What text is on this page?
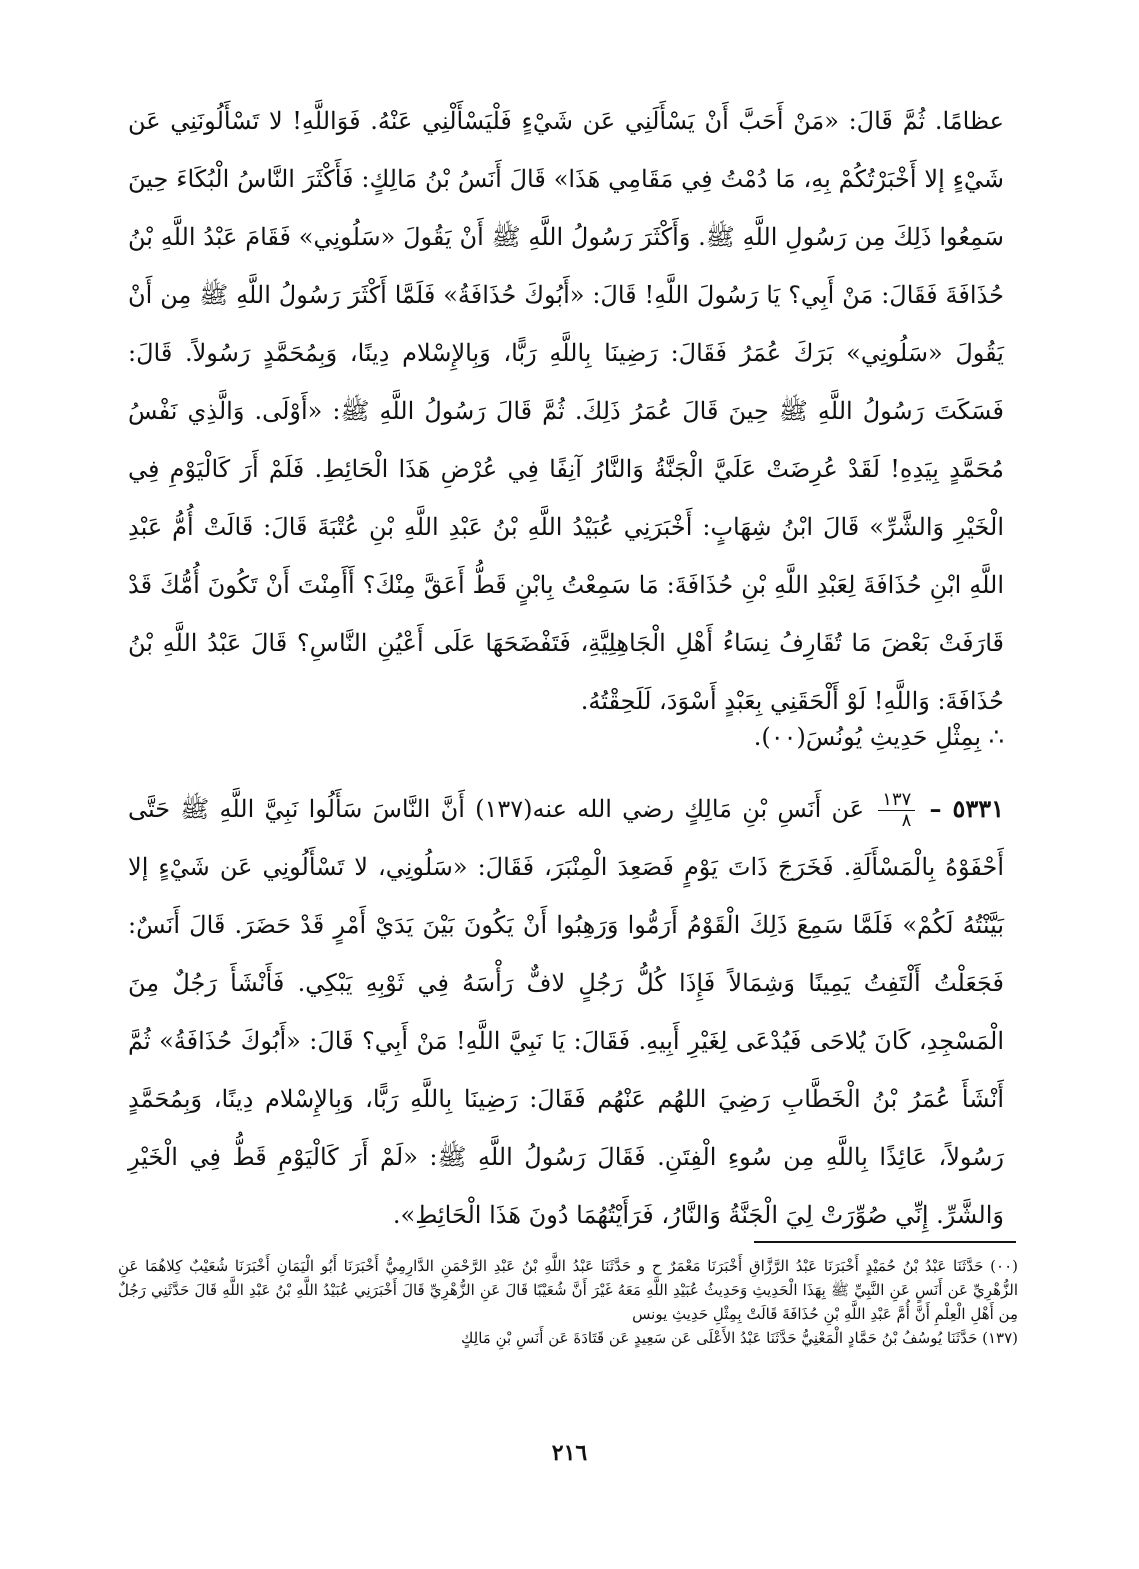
عظامًا. ثُمَّ قَالَ: «مَنْ أَحَبَّ أَنْ يَسْأَلَنِي عَن شَيْءٍ فَلْيَسْأَلْنِي عَنْهُ. فَوَاللَّهِ! لا تَسْأَلُونَنِي عَن شَيْءٍ إلا أَخْبَرْتُكُمْ بِهِ، مَا دُمْتُ فِي مَقَامِي هَذَا» قَالَ أَنَسُ بْنُ مَالِكٍ: فَأَكْثَرَ النَّاسُ الْبُكَاءَ حِينَ سَمِعُوا ذَلِكَ مِن رَسُولِ اللَّهِ ﷺ. وَأَكْثَرَ رَسُولُ اللَّهِ ﷺ أَنْ يَقُولَ «سَلُونِي» فَقَامَ عَبْدُ اللَّهِ بْنُ حُذَافَةَ فَقَالَ: مَنْ أَبِي؟ يَا رَسُولَ اللَّهِ! قَالَ: «أَبُوكَ حُذَافَةُ» فَلَمَّا أَكْثَرَ رَسُولُ اللَّهِ ﷺ مِن أَنْ يَقُولَ «سَلُونِي» بَرَكَ عُمَرُ فَقَالَ: رَضِينَا بِاللَّهِ رَبًّا، وَبِالإِسْلام دِينًا، وَبِمُحَمَّدٍ رَسُولاً. قَالَ: فَسَكَتَ رَسُولُ اللَّهِ ﷺ حِينَ قَالَ عُمَرُ ذَلِكَ. ثُمَّ قَالَ رَسُولُ اللَّهِ ﷺ: «أَوْلَى. وَالَّذِي نَفْسُ مُحَمَّدٍ بِيَدِهِ! لَقَدْ عُرِضَتْ عَلَيَّ الْجَنَّةُ وَالنَّارُ آنِفًا فِي عُرْضِ هَذَا الْحَائِطِ. فَلَمْ أَرَ كَالْيَوْمِ فِي الْخَيْرِ وَالشَّرِّ» قَالَ ابْنُ شِهَابٍ: أَخْبَرَنِي عُبَيْدُ اللَّهِ بْنُ عَبْدِ اللَّهِ بْنِ عُتْبَةَ قَالَ: قَالَتْ أُمُّ عَبْدِ اللَّهِ ابْنِ حُذَافَةَ لِعَبْدِ اللَّهِ بْنِ حُذَافَةَ: مَا سَمِعْتُ بِابْنٍ قَطُّ أَعَقَّ مِنْكَ؟ أَأَمِنْتَ أَنْ تَكُونَ أُمُّكَ قَدْ قَارَفَتْ بَعْضَ مَا تُقَارِفُ نِسَاءُ أَهْلِ الْجَاهِلِيَّةِ، فَتَفْضَحَهَا عَلَى أَعْيُنِ النَّاسِ؟ قَالَ عَبْدُ اللَّهِ بْنُ حُذَافَةَ: وَاللَّهِ! لَوْ أَلْحَقَنِي بِعَبْدٍ أَسْوَدَ، لَلَحِقْتُهُ.

∴ بِمِثْلِ حَدِيثِ يُونُسَ(٠٠).

٥٣٣١ –
$\frac{١٣٧}{٨}$
عَن أَنَسِ بْنِ مَالِكٍ رضي الله عنه(١٣٧) أَنَّ النَّاسَ سَأَلُوا نَبِيَّ اللَّهِ ﷺ حَتَّى أَحْفَوْهُ بِالْمَسْأَلَةِ. فَخَرَجَ ذَاتَ يَوْمٍ فَصَعِدَ الْمِنْبَرَ، فَقَالَ: «سَلُونِي، لا تَسْأَلُونِي عَن شَيْءٍ إلا بَيَّنْتُهُ لَكُمْ» فَلَمَّا سَمِعَ ذَلِكَ الْقَوْمُ أَرَمُّوا وَرَهِبُوا أَنْ يَكُونَ بَيْنَ يَدَيْ أَمْرٍ قَدْ حَضَرَ. قَالَ أَنَسٌ: فَجَعَلْتُ أَلْتَفِتُ يَمِينًا وَشِمَالاً فَإِذَا كُلُّ رَجُلٍ لافٌّ رَأْسَهُ فِي ثَوْبِهِ يَبْكِي. فَأَنْشَأَ رَجُلٌ مِنَ الْمَسْجِدِ، كَانَ يُلاحَى فَيُدْعَى لِغَيْرِ أَبِيهِ. فَقَالَ: يَا نَبِيَّ اللَّهِ! مَنْ أَبِي؟ قَالَ: «أَبُوكَ حُذَافَةُ» ثُمَّ أَنْشَأَ عُمَرُ بْنُ الْخَطَّابِ رَضِيَ اللهُم عَنْهُم فَقَالَ: رَضِينَا بِاللَّهِ رَبًّا، وَبِالإِسْلام دِينًا، وَبِمُحَمَّدٍ رَسُولاً، عَائِذًا بِاللَّهِ مِن سُوءِ الْفِتَنِ. فَقَالَ رَسُولُ اللَّهِ ﷺ: «لَمْ أَرَ كَالْيَوْمِ قَطُّ فِي الْخَيْرِ وَالشَّرِّ. إِنِّي صُوِّرَتْ لِيَ الْجَنَّةُ وَالنَّارُ، فَرَأَيْتُهُمَا دُونَ هَذَا الْحَائِطِ».

(٠٠) حَدَّثَنَا عَبْدُ بْنُ حُمَيْدٍ أَخْبَرَنَا عَبْدُ الرَّزَّاقِ أَخْبَرَنَا مَعْمَرٌ ح و حَدَّثَنَا عَبْدُ اللَّهِ بْنُ عَبْدِ الرَّحْمَنِ الدَّارِمِيُّ أَخْبَرَنَا أَبُو الْيَمَانِ أَخْبَرَنَا شُعَيْبٌ كِلاهُمَا عَنِ الزُّهْرِيِّ عَن أَنَسٍ عَنِ النَّبِيِّ ﷺ بِهَذَا الْحَدِيثِ وَحَدِيثُ عُبَيْدِ اللَّهِ مَعَهُ غَيْرَ أَنَّ شُعَيْبًا قَالَ عَنِ الزُّهْرِيِّ قَالَ أَخْبَرَنِي عُبَيْدُ اللَّهِ بْنُ عَبْدِ اللَّهِ قَالَ حَدَّثَنِي رَجُلٌ مِن أَهْلِ الْعِلْمِ أَنَّ أُمَّ عَبْدِ اللَّهِ بْنِ حُذَافَةَ قَالَتْ بِمِثْلِ حَدِيثِ يونس

(١٣٧) حَدَّثَنَا يُوسُفُ بْنُ حَمَّادٍ الْمَعْنِيُّ حَدَّثَنَا عَبْدُ الأَعْلَى عَن سَعِيدٍ عَن قَتَادَةَ عَن أَنَسِ بْنِ مَالِكٍ

٢١٦
